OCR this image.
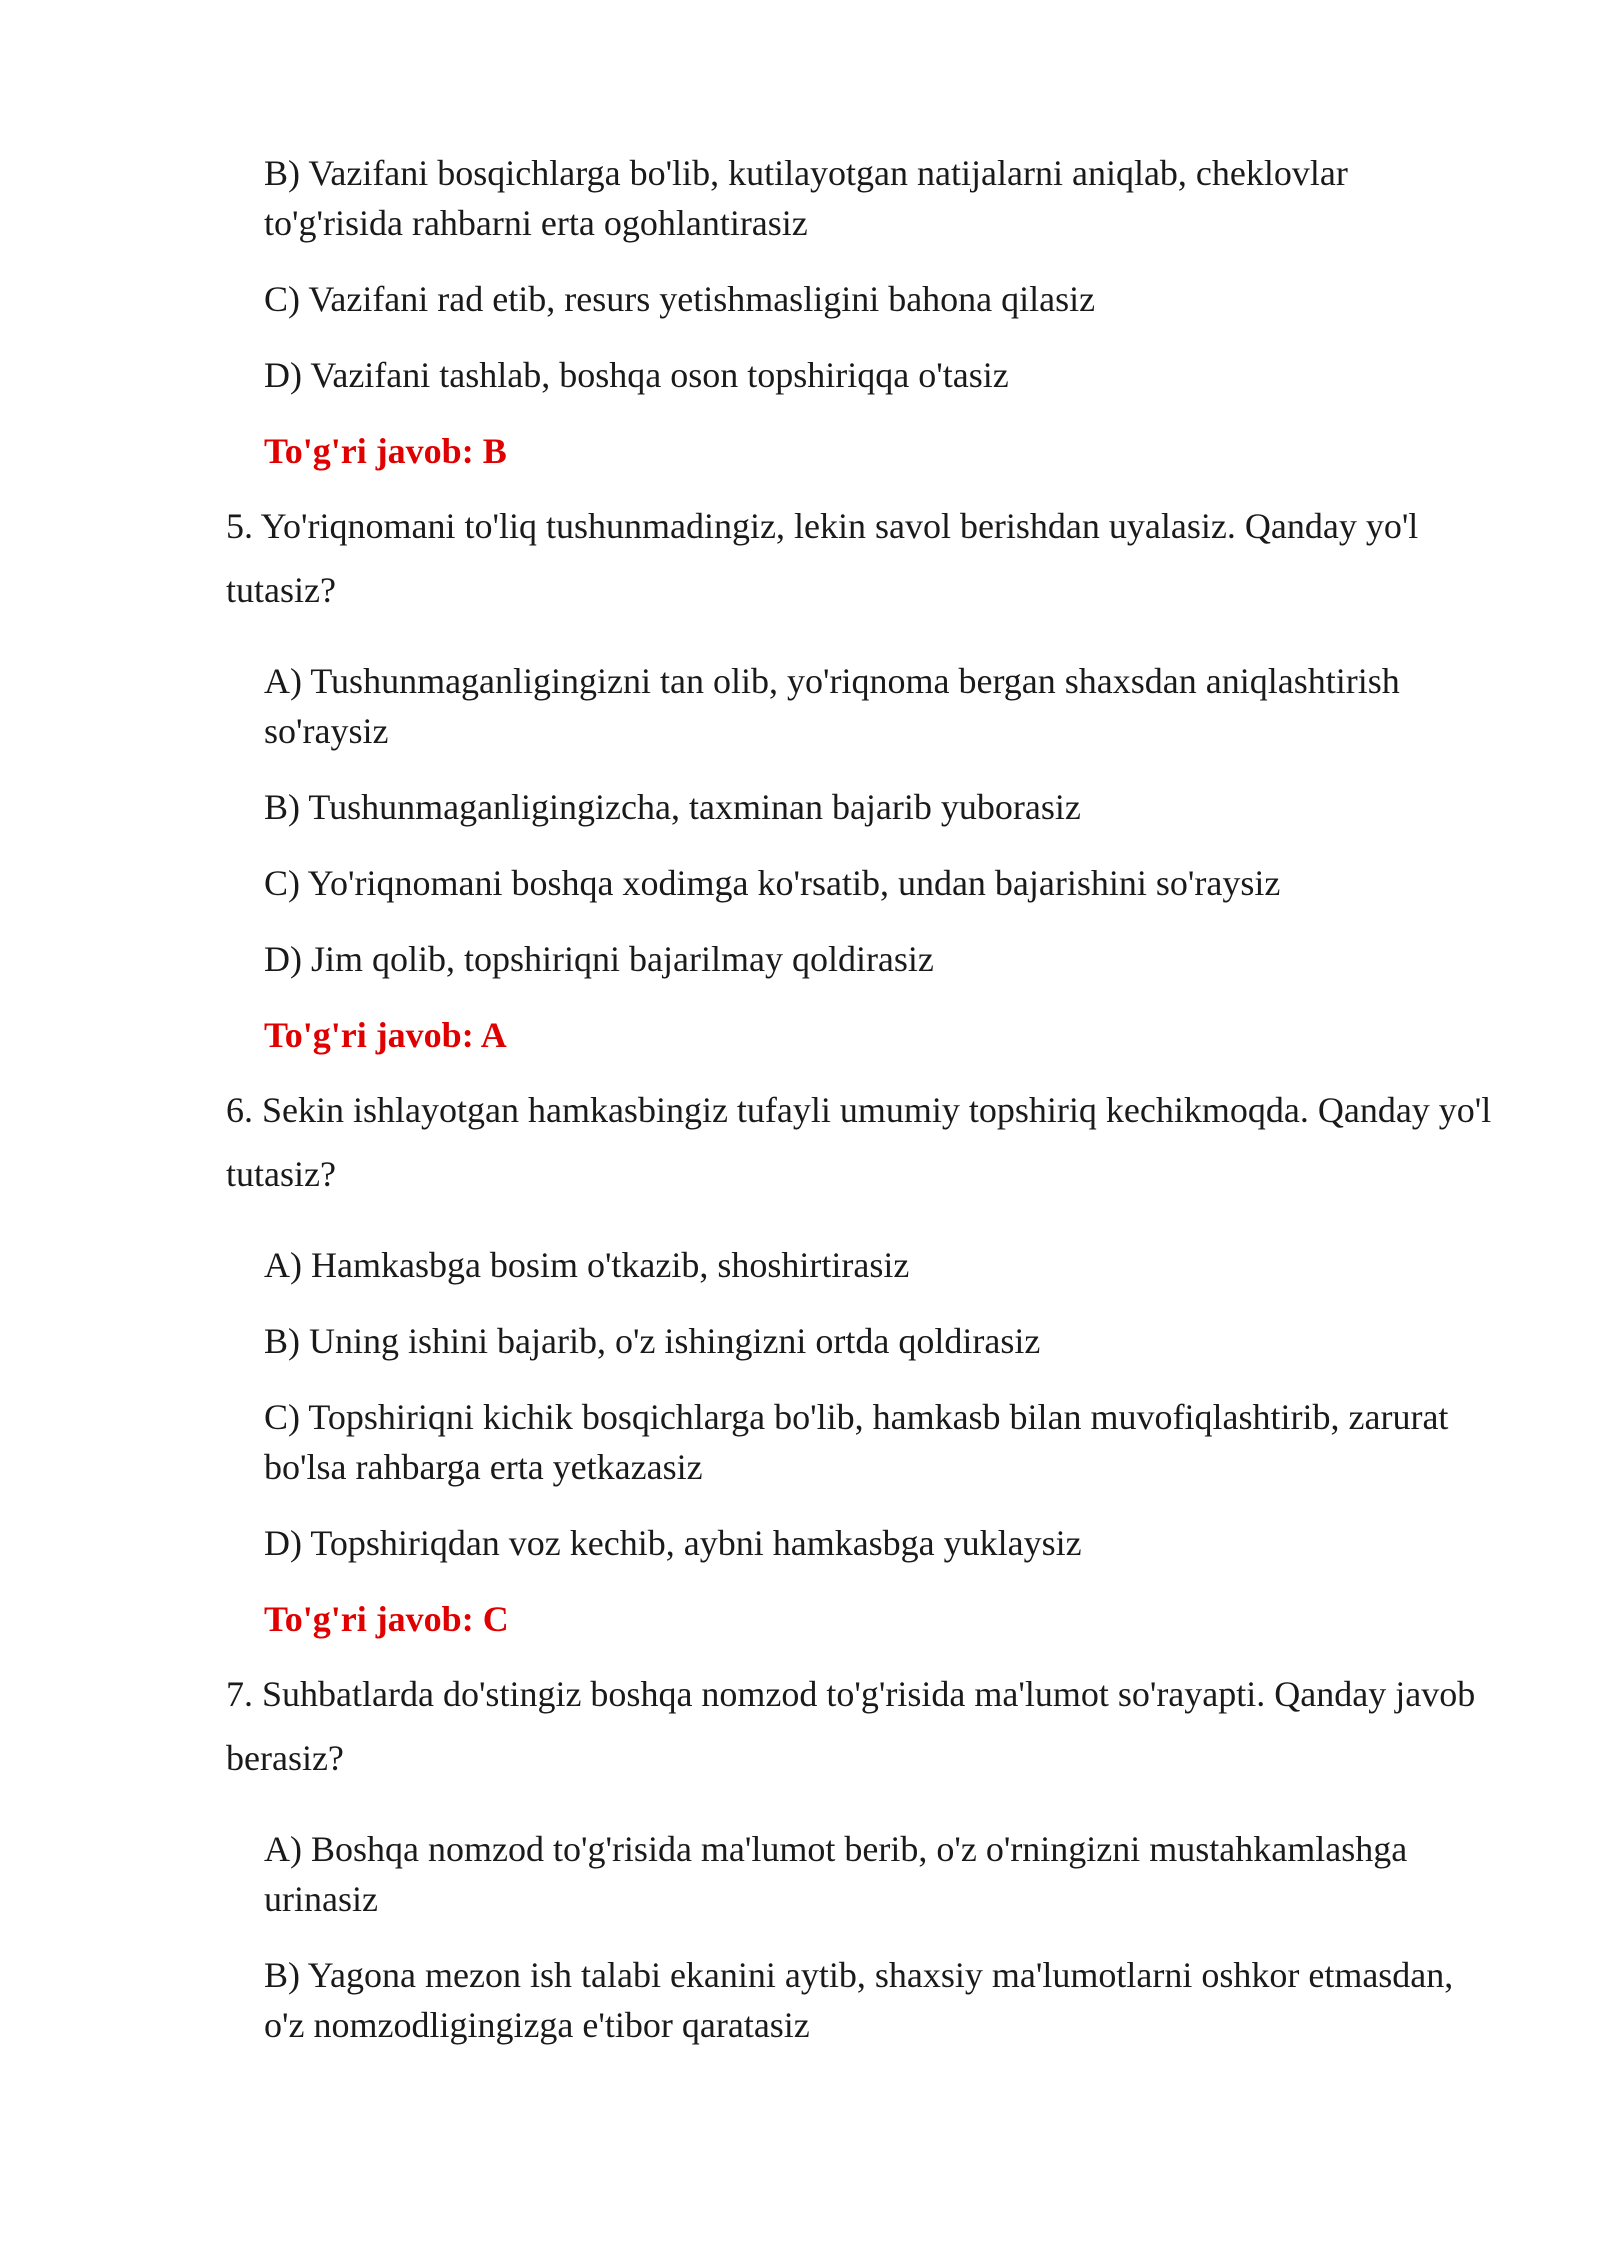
B) Vazifani bosqichlarga bo'lib, kutilayotgan natijalarni aniqlab, cheklovlar to'g'risida rahbarni erta ogohlantirasiz

C) Vazifani rad etib, resurs yetishmasligini bahona qilasiz

D) Vazifani tashlab, boshqa oson topshiriqqa o'tasiz

To'g'ri javob: B

5. Yo'riqnomani to'liq tushunmadingiz, lekin savol berishdan uyalasiz. Qanday yo'l tutasiz?

A) Tushunmaganligingizni tan olib, yo'riqnoma bergan shaxsdan aniqlashtirish so'raysiz

B) Tushunmaganligingizcha, taxminan bajarib yuborasiz

C) Yo'riqnomani boshqa xodimga ko'rsatib, undan bajarishini so'raysiz

D) Jim qolib, topshiriqni bajarilmay qoldirasiz

To'g'ri javob: A

6. Sekin ishlayotgan hamkasbingiz tufayli umumiy topshiriq kechikmoqda. Qanday yo'l tutasiz?

A) Hamkasbga bosim o'tkazib, shoshirtirasiz

B) Uning ishini bajarib, o'z ishingizni ortda qoldirasiz

C) Topshiriqni kichik bosqichlarga bo'lib, hamkasb bilan muvofiqlashtirib, zarurat bo'lsa rahbarga erta yetkazasiz

D) Topshiriqdan voz kechib, aybni hamkasbga yuklaysiz

To'g'ri javob: C

7. Suhbatlarda do'stingiz boshqa nomzod to'g'risida ma'lumot so'rayapti. Qanday javob berasiz?

A) Boshqa nomzod to'g'risida ma'lumot berib, o'z o'rningizni mustahkamlashga urinasiz

B) Yagona mezon ish talabi ekanini aytib, shaxsiy ma'lumotlarni oshkor etmasdan, o'z nomzodligingizga e'tibor qaratasiz
